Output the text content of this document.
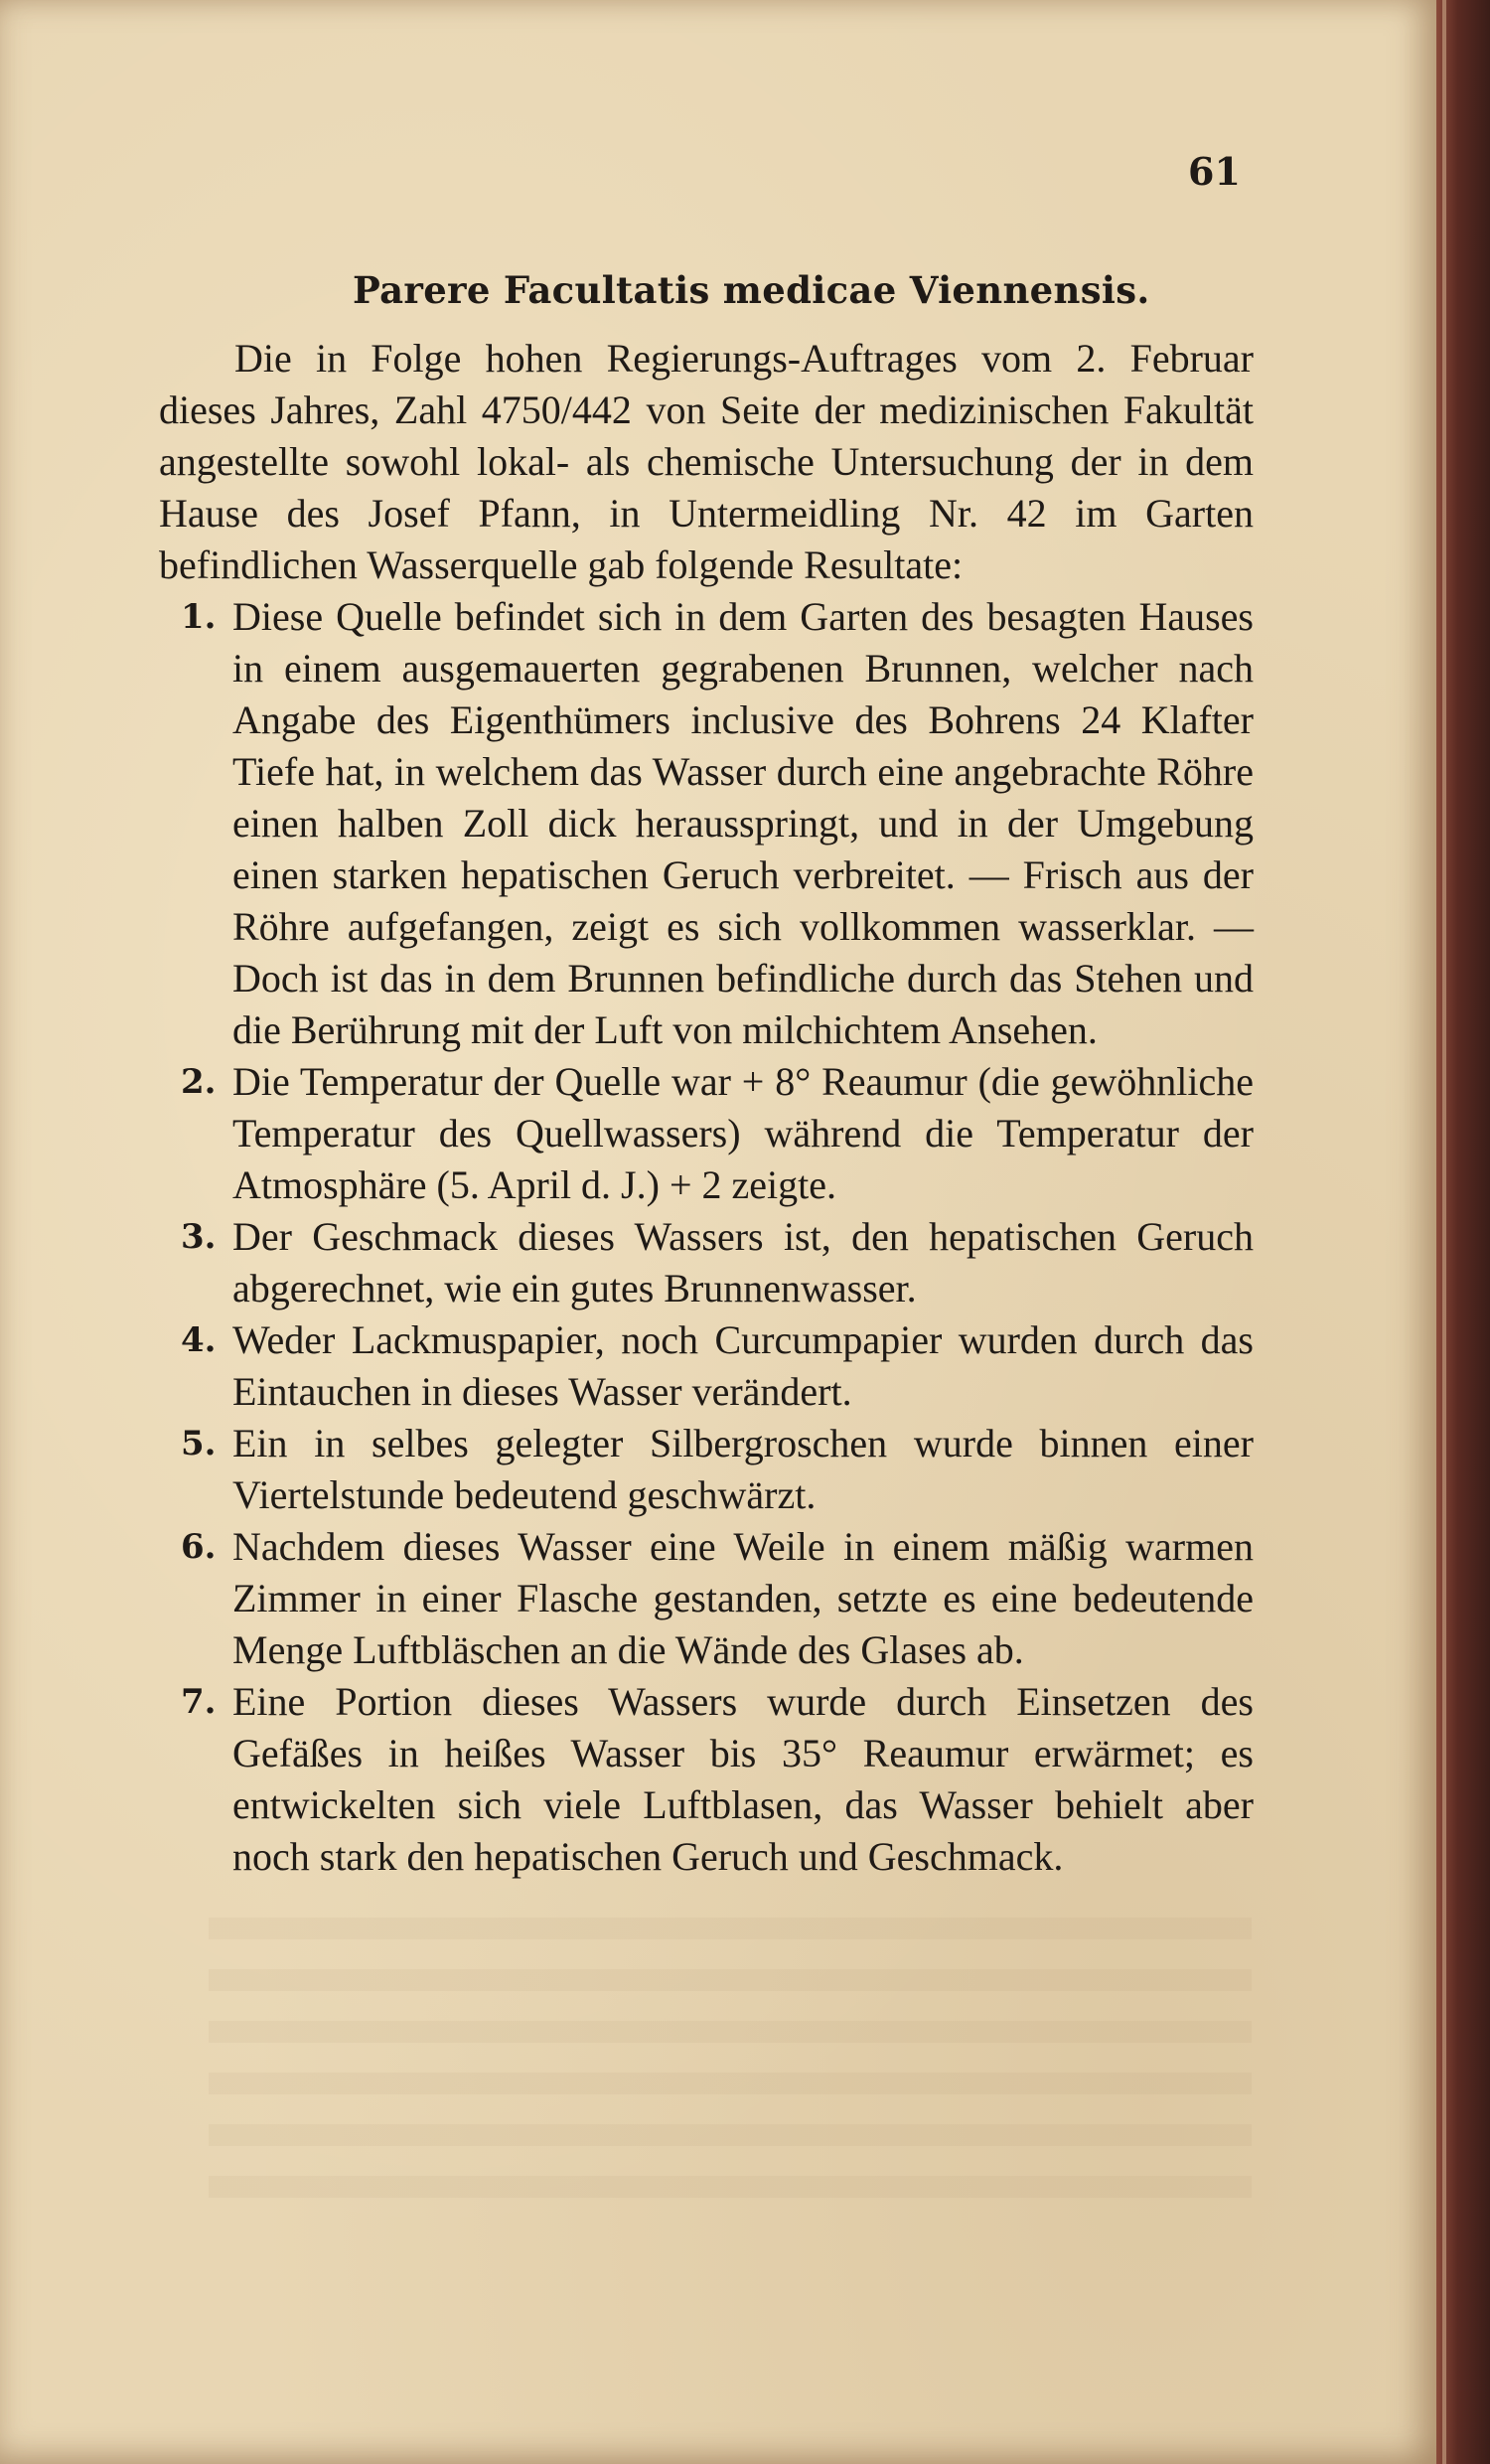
61
Parere Facultatis medicae Viennensis.

Die in Folge hohen Regierungs-Auftrages vom 2. Februar dieses Jahres, Zahl 4750/442 von Seite der medizinischen Fakultät angestellte sowohl lokal- als chemische Untersuchung der in dem Hause des Josef Pfann, in Untermeidling Nr. 42 im Garten befindlichen Wasserquelle gab folgende Resultate:

1. Diese Quelle befindet sich in dem Garten des besagten Hauses in einem ausgemauerten gegrabenen Brunnen, welcher nach Angabe des Eigenthümers inclusive des Bohrens 24 Klafter Tiefe hat, in welchem das Wasser durch eine angebrachte Röhre einen halben Zoll dick herausspringt, und in der Umgebung einen starken hepatischen Geruch verbreitet. — Frisch aus der Röhre aufgefangen, zeigt es sich vollkommen wasserklar. — Doch ist das in dem Brunnen befindliche durch das Stehen und die Berührung mit der Luft von milchichtem Ansehen.
2. Die Temperatur der Quelle war + 8° Reaumur (die gewöhnliche Temperatur des Quellwassers) während die Temperatur der Atmosphäre (5. April d. J.) + 2 zeigte.
3. Der Geschmack dieses Wassers ist, den hepatischen Geruch abgerechnet, wie ein gutes Brunnenwasser.
4. Weder Lackmuspapier, noch Curcumpapier wurden durch das Eintauchen in dieses Wasser verändert.
5. Ein in selbes gelegter Silbergroschen wurde binnen einer Viertelstunde bedeutend geschwärzt.
6. Nachdem dieses Wasser eine Weile in einem mäßig warmen Zimmer in einer Flasche gestanden, setzte es eine bedeutende Menge Luftbläschen an die Wände des Glases ab.
7. Eine Portion dieses Wassers wurde durch Einsetzen des Gefäßes in heißes Wasser bis 35° Reaumur erwärmet; es entwickelten sich viele Luftblasen, das Wasser behielt aber noch stark den hepatischen Geruch und Geschmack.
